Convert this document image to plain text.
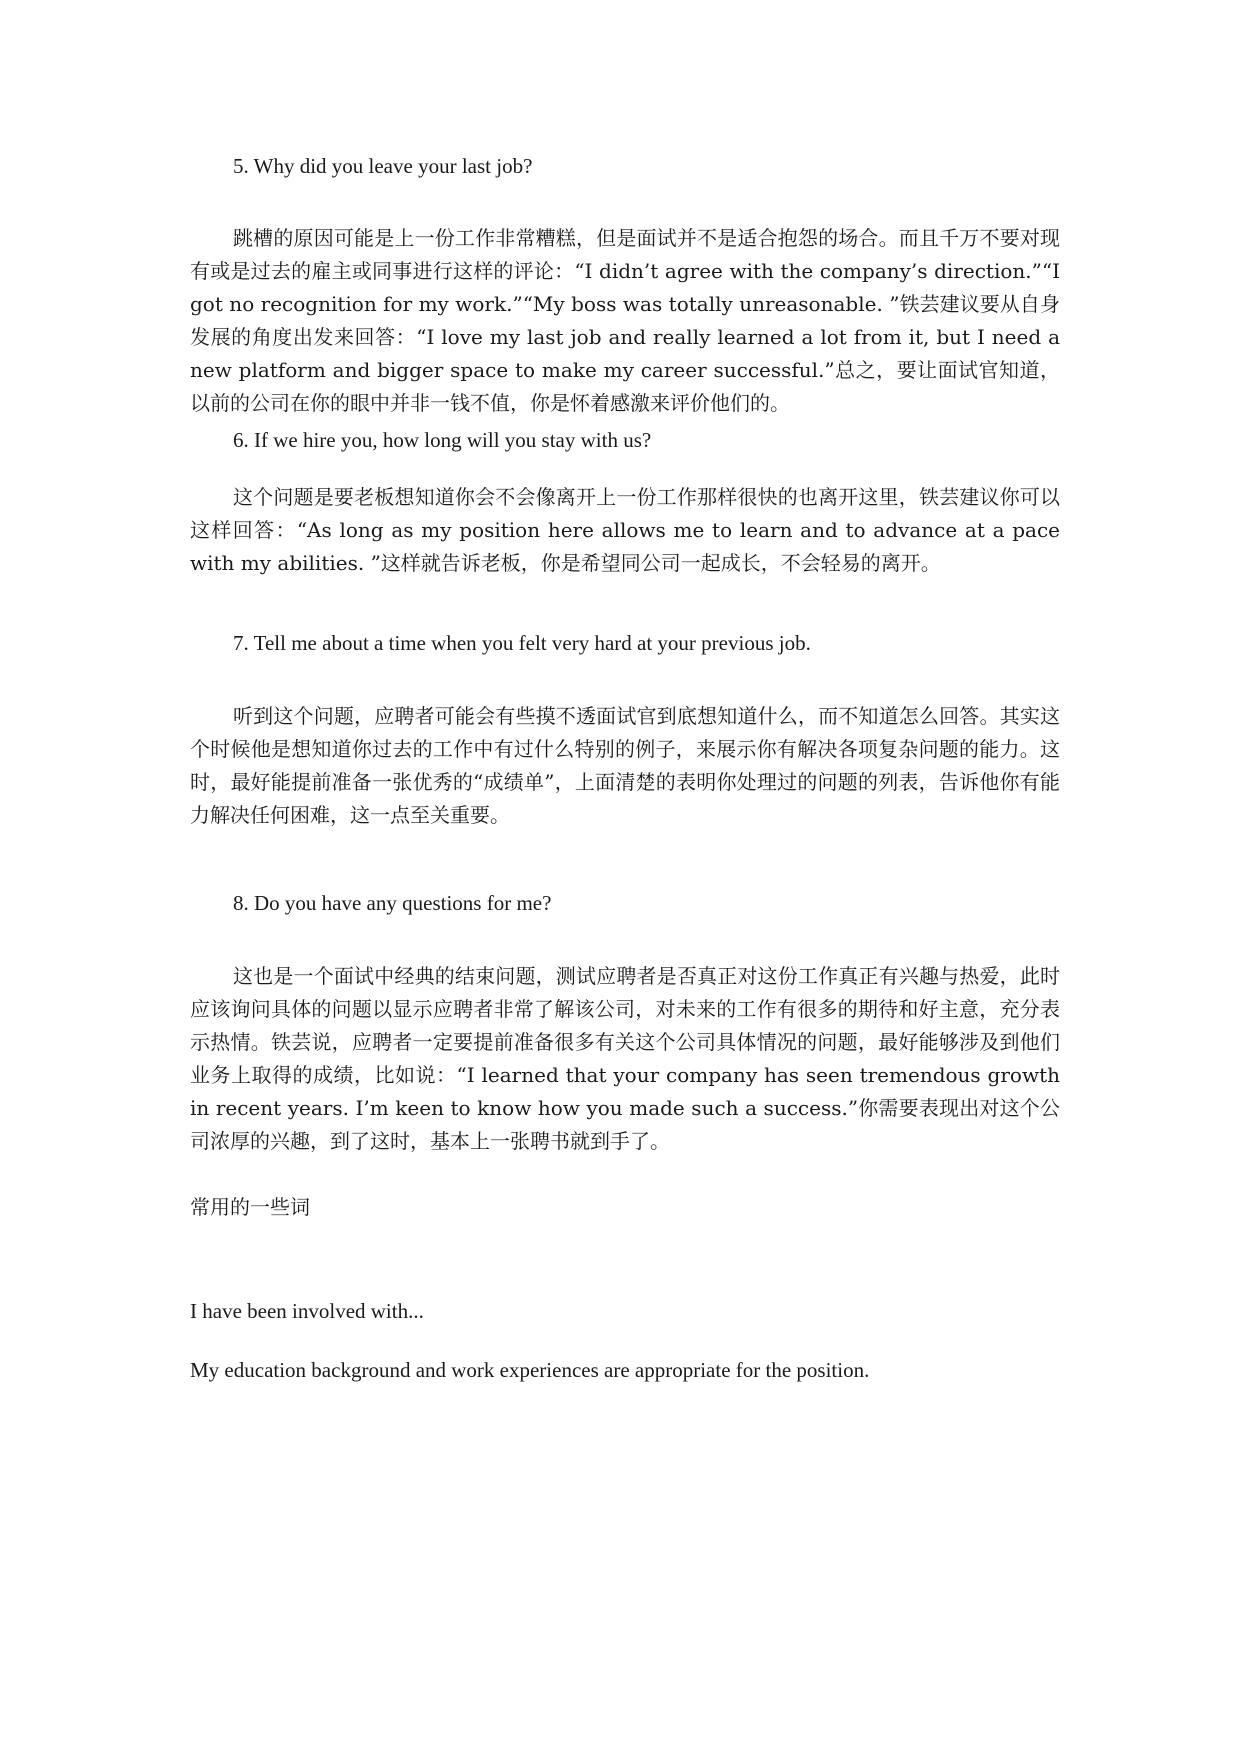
5. Why did you leave your last job?
跳槽的原因可能是上一份工作非常糟糕，但是面试并不是适合抱怨的场合。而且千万不要对现有或是过去的雇主或同事进行这样的评论：“I didn’t agree with the company’s direction.”“I got no recognition for my work.”“My boss was totally unreasonable. ”铁芸建议要从自身发展的角度出发来回答：“I love my last job and really learned a lot from it, but I need a new platform and bigger space to make my career successful.”总之，要让面试官知道，以前的公司在你的眼中并非一钱不值，你是怀着感激来评价他们的。
6. If we hire you, how long will you stay with us?
这个问题是要老板想知道你会不会像离开上一份工作那样很快的也离开这里，铁芸建议你可以这样回答：“As long as my position here allows me to learn and to advance at a pace with my abilities. ”这样就告诉老板，你是希望同公司一起成长，不会轻易的离开。
7. Tell me about a time when you felt very hard at your previous job.
听到这个问题，应聘者可能会有些摸不透面试官到底想知道什么，而不知道怎么回答。其实这个时候他是想知道你过去的工作中有过什么特别的例子，来展示你有解决各项复杂问题的能力。这时，最好能提前准备一张优秀的“成绩单”，上面清楚的表明你处理过的问题的列表，告诉他你有能力解决任何困难，这一点至关重要。
8. Do you have any questions for me?
这也是一个面试中经典的结束问题，测试应聘者是否真正对这份工作真正有兴趣与热爱，此时应该询问具体的问题以显示应聘者非常了解该公司，对未来的工作有很多的期待和好主意，充分表示热情。铁芸说，应聘者一定要提前准备很多有关这个公司具体情况的问题，最好能够涉及到他们业务上取得的成绩，比如说：“I learned that your company has seen tremendous growth in recent years. I’m keen to know how you made such a success.”你需要表现出对这个公司浓厚的兴趣，到了这时，基本上一张聘书就到手了。
常用的一些词
I have been involved with...
My education background and work experiences are appropriate for the position.
